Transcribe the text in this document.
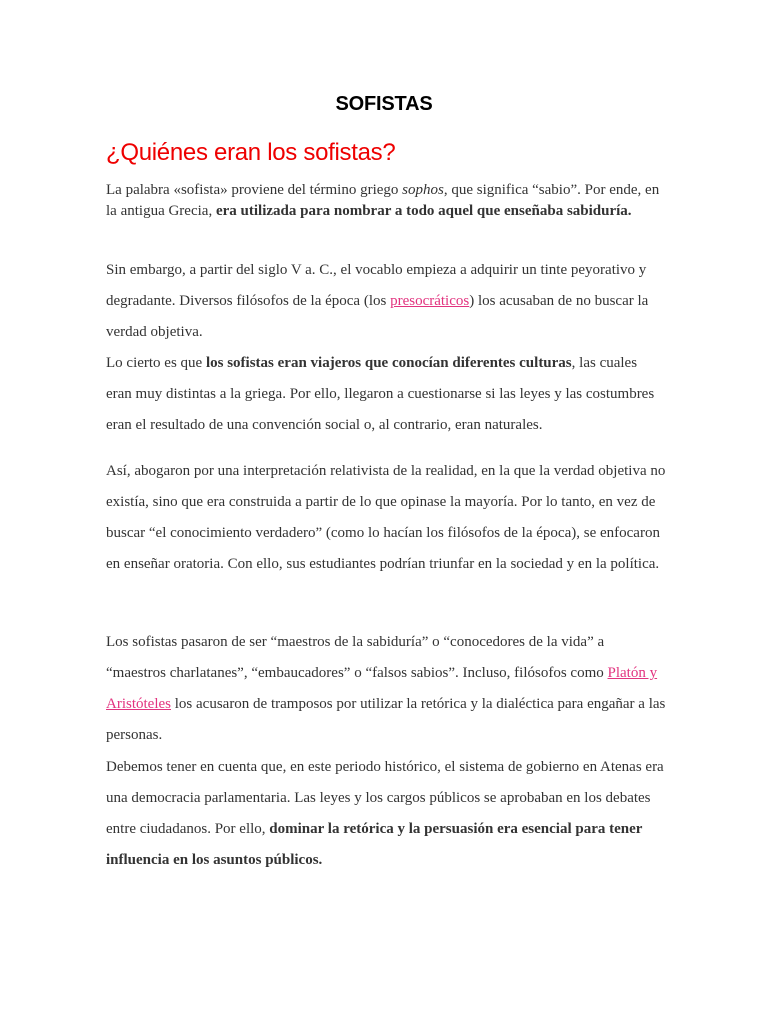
SOFISTAS
¿Quiénes eran los sofistas?

La palabra «sofista» proviene del término griego sophos, que significa “sabio”. Por ende, en la antigua Grecia, era utilizada para nombrar a todo aquel que enseñaba sabiduría.

Sin embargo, a partir del siglo V a. C., el vocablo empieza a adquirir un tinte peyorativo y degradante. Diversos filósofos de la época (los presocráticos) los acusaban de no buscar la verdad objetiva.

Lo cierto es que los sofistas eran viajeros que conocían diferentes culturas, las cuales eran muy distintas a la griega. Por ello, llegaron a cuestionarse si las leyes y las costumbres eran el resultado de una convención social o, al contrario, eran naturales.

Así, abogaron por una interpretación relativista de la realidad, en la que la verdad objetiva no existía, sino que era construida a partir de lo que opinase la mayoría. Por lo tanto, en vez de buscar “el conocimiento verdadero” (como lo hacían los filósofos de la época), se enfocaron en enseñar oratoria. Con ello, sus estudiantes podrían triunfar en la sociedad y en la política.

Los sofistas pasaron de ser “maestros de la sabiduría” o “conocedores de la vida” a “maestros charlatanes”, “embaucadores” o “falsos sabios”. Incluso, filósofos como Platón y Aristóteles los acusaron de tramposos por utilizar la retórica y la dialéctica para engañar a las personas.

Debemos tener en cuenta que, en este periodo histórico, el sistema de gobierno en Atenas era una democracia parlamentaria. Las leyes y los cargos públicos se aprobaban en los debates entre ciudadanos. Por ello, dominar la retórica y la persuasión era esencial para tener influencia en los asuntos públicos.
